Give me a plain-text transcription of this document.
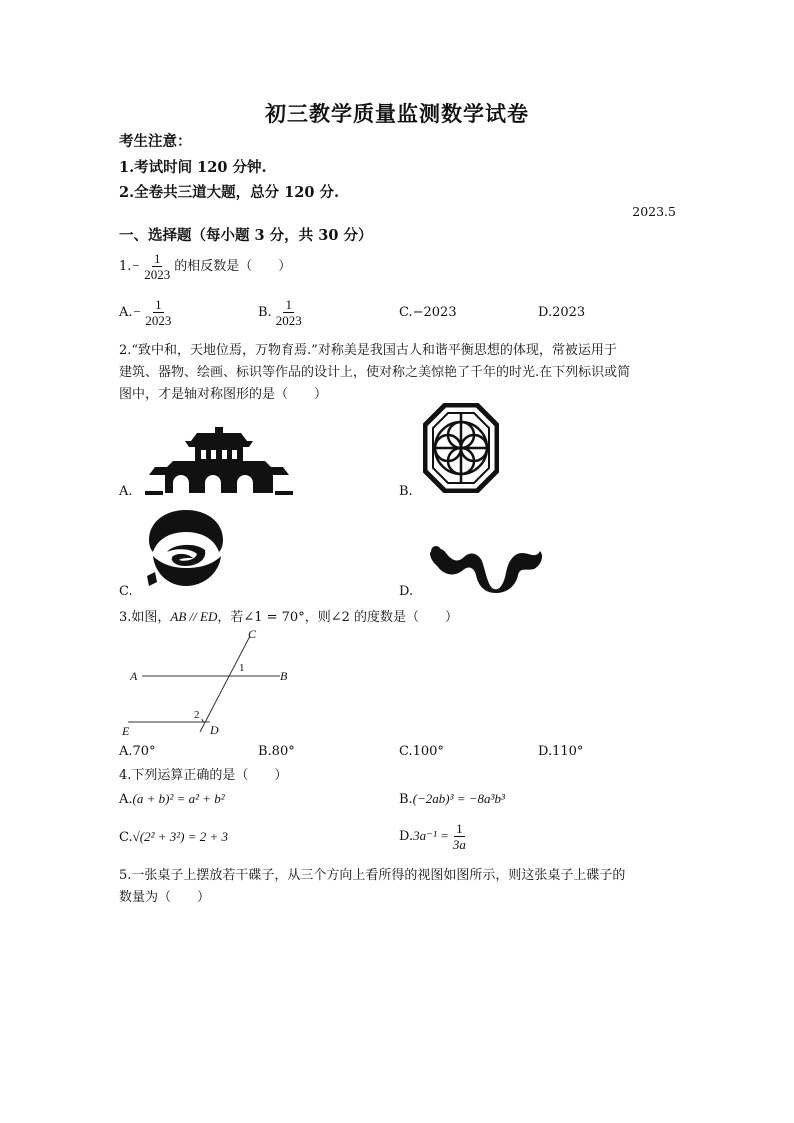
初三教学质量监测数学试卷
考生注意：
1.考试时间 120 分钟.
2.全卷共三道大题，总分 120 分.
2023.5
一、选择题（每小题 3 分，共 30 分）
$1.- \frac{1}{2023}$ 的相反数是（　　）
$A.- \frac{1}{2023}$	B. $\frac{1}{2023}$	C.−2023	D.2023
2.“致中和，天地位焉，万物育焉.”对称美是我国古人和谐平衡思想的体现，常被运用于
建筑、器物、绘画、标识等作品的设计上，使对称之美惊艳了千年的时光.在下列标识或简
图中，才是轴对称图形的是（　　）
A.	B.
C.	D.
3.如图，AB // ED，若∠1 = 70°，则∠2 的度数是（　　）
A	B
C
D
E
1
2
A.70°	B.80°	C.100°	D.110°
4.下列运算正确的是（　　）
A.(a + b)² = a² + b²	B.(−2ab)³ = −8a³b³
C.√(2² + 3²) = 2 + 3	$D.3a^{-1} = \frac{1}{3a}$
5.一张桌子上摆放若干碟子，从三个方向上看所得的视图如图所示，则这张桌子上碟子的
数量为（　　）
